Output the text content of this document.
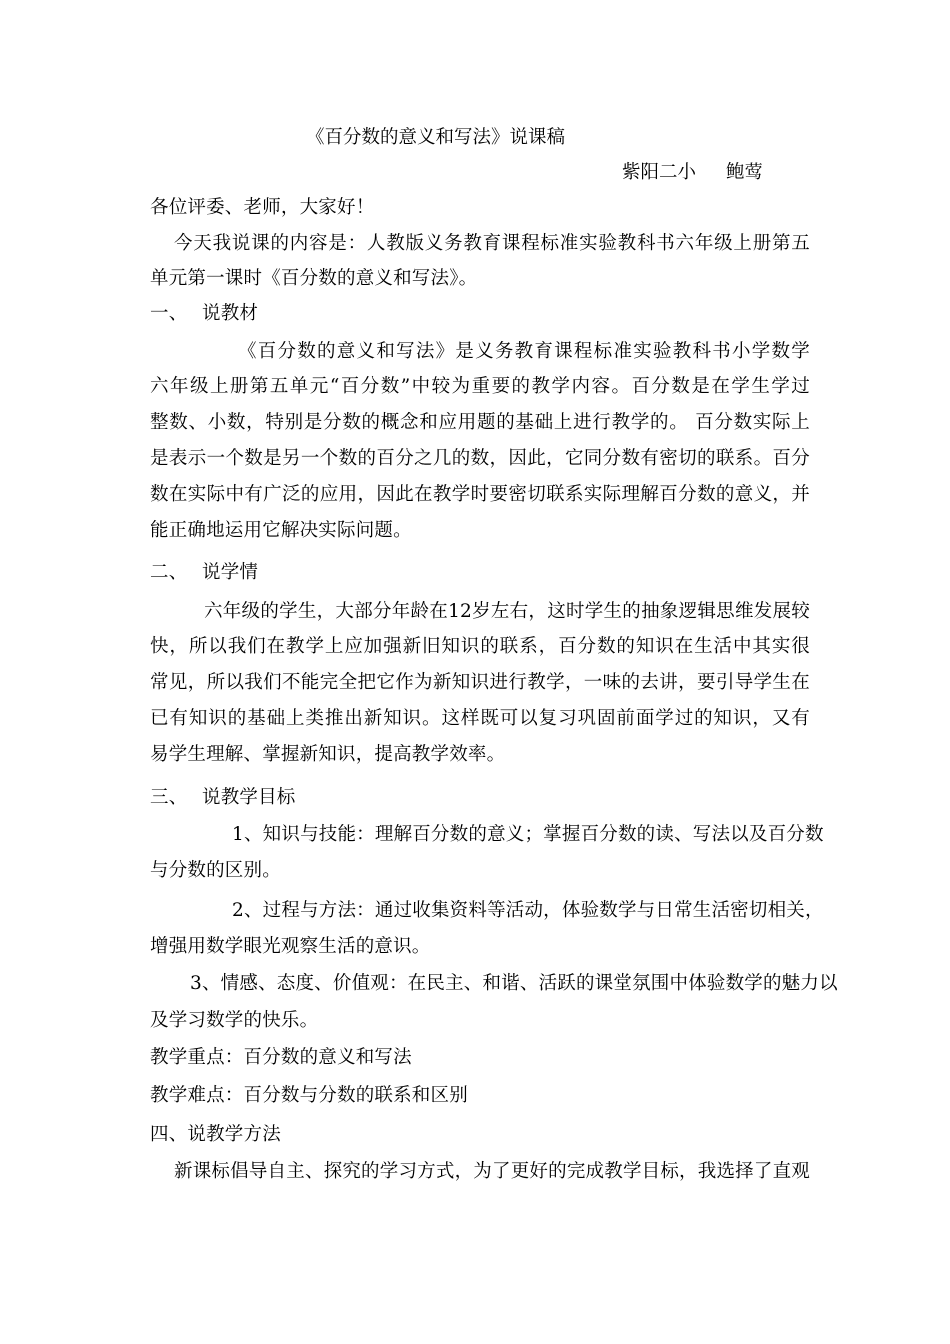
《百分数的意义和写法》说课稿
紫阳二小 鲍莺
各位评委、老师，大家好！
今天我说课的内容是：人教版义务教育课程标准实验教科书六年级上册第五
单元第一课时《百分数的意义和写法》。
一、 说教材
《百分数的意义和写法》是义务教育课程标准实验教科书小学数学
六年级上册第五单元“百分数”中较为重要的教学内容。百分数是在学生学过
整数、小数，特别是分数的概念和应用题的基础上进行教学的。 百分数实际上
是表示一个数是另一个数的百分之几的数，因此，它同分数有密切的联系。百分
数在实际中有广泛的应用，因此在教学时要密切联系实际理解百分数的意义，并
能正确地运用它解决实际问题。
二、 说学情
六年级的学生，大部分年龄在12岁左右，这时学生的抽象逻辑思维发展较
快，所以我们在教学上应加强新旧知识的联系，百分数的知识在生活中其实很
常见，所以我们不能完全把它作为新知识进行教学，一味的去讲，要引导学生在
已有知识的基础上类推出新知识。这样既可以复习巩固前面学过的知识，又有
易学生理解、掌握新知识，提高教学效率。
三、 说教学目标
1、知识与技能：理解百分数的意义；掌握百分数的读、写法以及百分数
与分数的区别。
2、过程与方法：通过收集资料等活动，体验数学与日常生活密切相关，
增强用数学眼光观察生活的意识。
3、情感、态度、价值观：在民主、和谐、活跃的课堂氛围中体验数学的魅力以
及学习数学的快乐。
教学重点：百分数的意义和写法
教学难点：百分数与分数的联系和区别
四、说教学方法
新课标倡导自主、探究的学习方式，为了更好的完成教学目标，我选择了直观
